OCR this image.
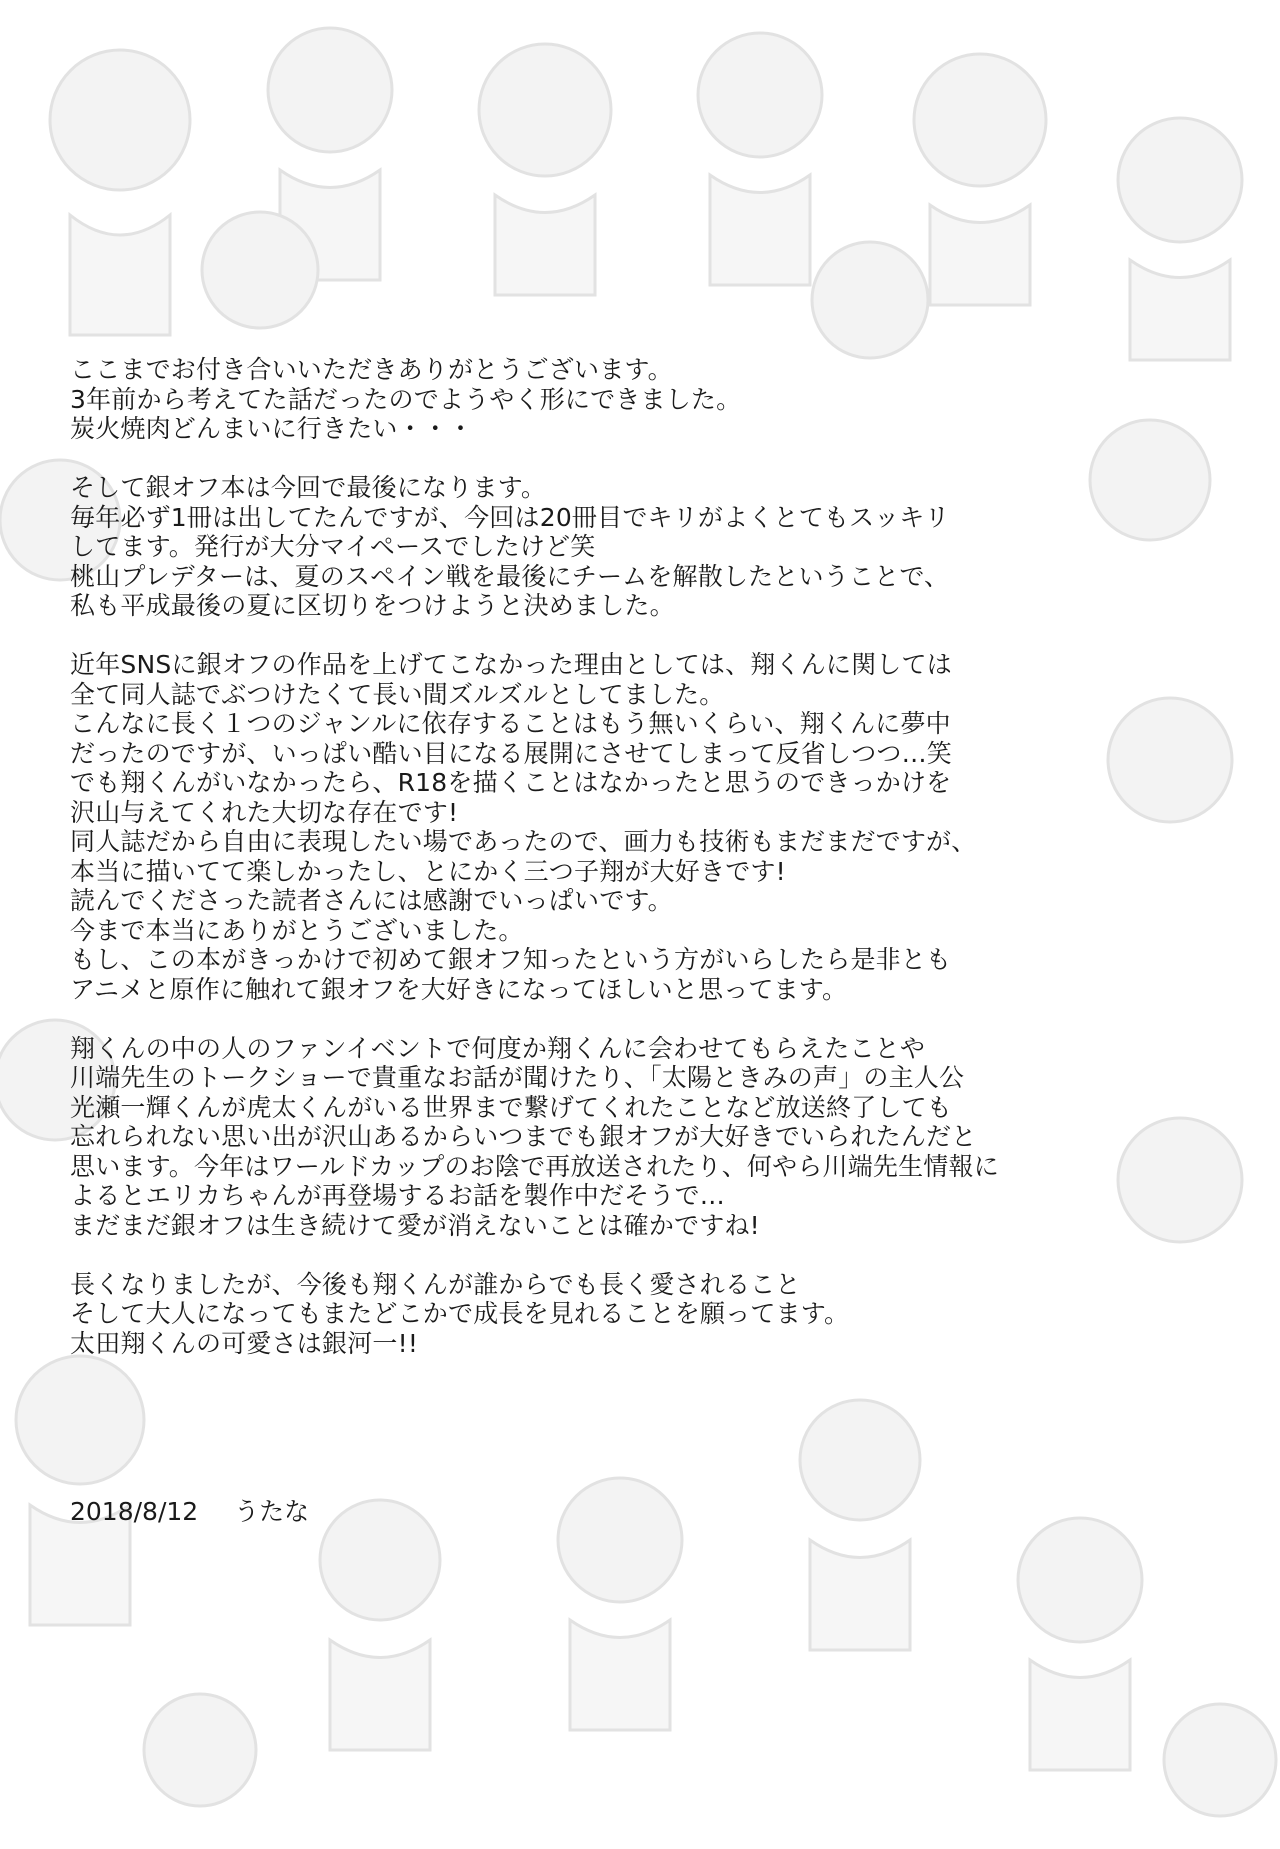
ここまでお付き合いいただきありがとうございます。
3年前から考えてた話だったのでようやく形にできました。
炭火焼肉どんまいに行きたい・・・

そして銀オフ本は今回で最後になります。
毎年必ず1冊は出してたんですが、今回は20冊目でキリがよくとてもスッキリ
してます。発行が大分マイペースでしたけど笑
桃山プレデターは、夏のスペイン戦を最後にチームを解散したということで、
私も平成最後の夏に区切りをつけようと決めました。

近年SNSに銀オフの作品を上げてこなかった理由としては、翔くんに関しては
全て同人誌でぶつけたくて長い間ズルズルとしてました。
こんなに長く１つのジャンルに依存することはもう無いくらい、翔くんに夢中
だったのですが、いっぱい酷い目になる展開にさせてしまって反省しつつ…笑
でも翔くんがいなかったら、R18を描くことはなかったと思うのできっかけを
沢山与えてくれた大切な存在です!
同人誌だから自由に表現したい場であったので、画力も技術もまだまだですが、
本当に描いてて楽しかったし、とにかく三つ子翔が大好きです!
読んでくださった読者さんには感謝でいっぱいです。
今まで本当にありがとうございました。
もし、この本がきっかけで初めて銀オフ知ったという方がいらしたら是非とも
アニメと原作に触れて銀オフを大好きになってほしいと思ってます。

翔くんの中の人のファンイベントで何度か翔くんに会わせてもらえたことや
川端先生のトークショーで貴重なお話が聞けたり、「太陽ときみの声」の主人公
光瀬一輝くんが虎太くんがいる世界まで繋げてくれたことなど放送終了しても
忘れられない思い出が沢山あるからいつまでも銀オフが大好きでいられたんだと
思います。今年はワールドカップのお陰で再放送されたり、何やら川端先生情報に
よるとエリカちゃんが再登場するお話を製作中だそうで…
まだまだ銀オフは生き続けて愛が消えないことは確かですね!

長くなりましたが、今後も翔くんが誰からでも長く愛されること
そして大人になってもまたどこかで成長を見れることを願ってます。
太田翔くんの可愛さは銀河一!!

2018/8/12 うたな
